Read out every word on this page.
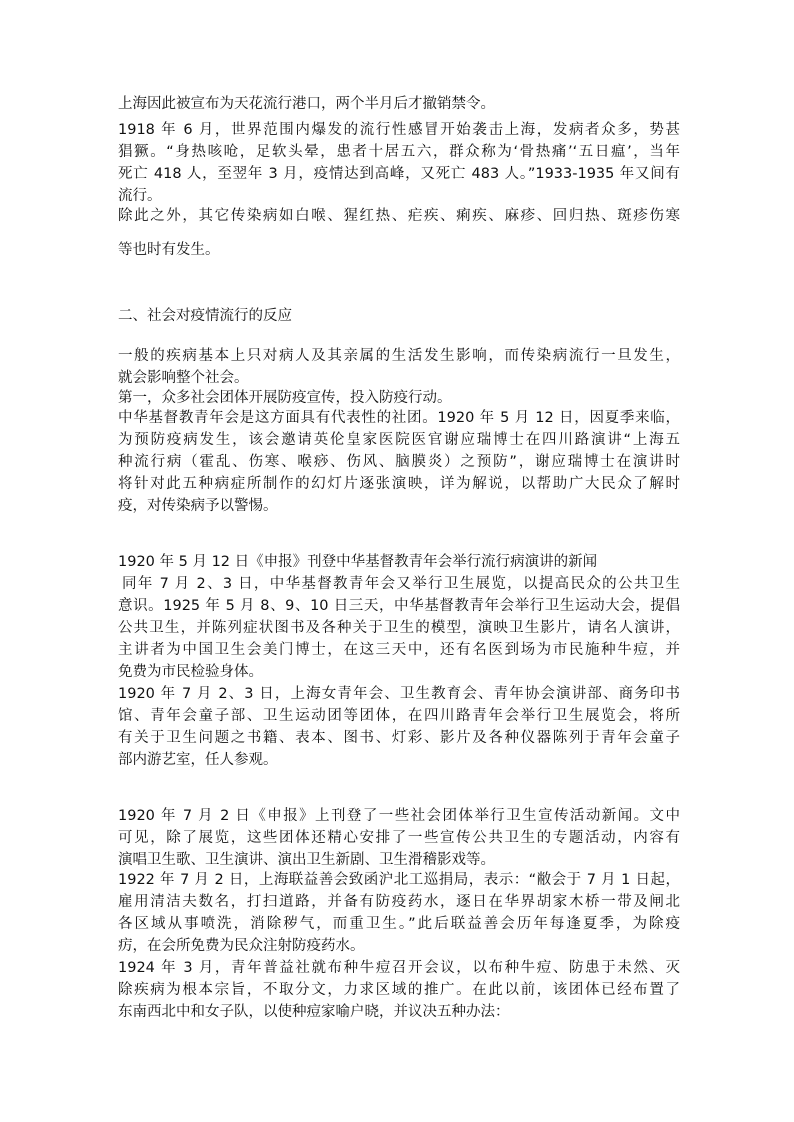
上海因此被宣布为天花流行港口，两个半月后才撤销禁令。
1918 年 6 月，世界范围内爆发的流行性感冒开始袭击上海，发病者众多，势甚
猖獗。“身热咳呛，足软头晕，患者十居五六，群众称为‘骨热痛’‘五日瘟’，当年
死亡 418 人，至翌年 3 月，疫情达到高峰，又死亡 483 人。”1933-1935 年又间有
流行。
除此之外，其它传染病如白喉、猩红热、疟疾、痢疾、麻疹、回归热、斑疹伤寒
等也时有发生。
二、社会对疫情流行的反应
一般的疾病基本上只对病人及其亲属的生活发生影响，而传染病流行一旦发生，
就会影响整个社会。
第一，众多社会团体开展防疫宣传，投入防疫行动。
中华基督教青年会是这方面具有代表性的社团。1920 年 5 月 12 日，因夏季来临，
为预防疫病发生，该会邀请英伦皇家医院医官谢应瑞博士在四川路演讲“上海五
种流行病（霍乱、伤寒、喉痧、伤风、脑膜炎）之预防”，谢应瑞博士在演讲时
将针对此五种病症所制作的幻灯片逐张演映，详为解说，以帮助广大民众了解时
疫，对传染病予以警惕。
1920 年 5 月 12 日《申报》刊登中华基督教青年会举行流行病演讲的新闻
同年 7 月 2、3 日，中华基督教青年会又举行卫生展览，以提高民众的公共卫生
意识。1925 年 5 月 8、9、10 日三天，中华基督教青年会举行卫生运动大会，提倡
公共卫生，并陈列症状图书及各种关于卫生的模型，演映卫生影片，请名人演讲，
主讲者为中国卫生会美门博士，在这三天中，还有名医到场为市民施种牛痘，并
免费为市民检验身体。
1920 年 7 月 2、3 日，上海女青年会、卫生教育会、青年协会演讲部、商务印书
馆、青年会童子部、卫生运动团等团体，在四川路青年会举行卫生展览会，将所
有关于卫生问题之书籍、表本、图书、灯彩、影片及各种仪器陈列于青年会童子
部内游艺室，任人参观。
1920 年 7 月 2 日《申报》上刊登了一些社会团体举行卫生宣传活动新闻。文中
可见，除了展览，这些团体还精心安排了一些宣传公共卫生的专题活动，内容有
演唱卫生歌、卫生演讲、演出卫生新剧、卫生滑稽影戏等。
1922 年 7 月 2 日，上海联益善会致函沪北工巡捐局，表示：“敝会于 7 月 1 日起，
雇用清洁夫数名，打扫道路，并备有防疫药水，逐日在华界胡家木桥一带及闸北
各区域从事喷洗，消除秽气，而重卫生。”此后联益善会历年每逢夏季，为除疫
疠，在会所免费为民众注射防疫药水。
1924 年 3 月，青年普益社就布种牛痘召开会议，以布种牛痘、防患于未然、灭
除疾病为根本宗旨，不取分文，力求区域的推广。在此以前，该团体已经布置了
东南西北中和女子队，以使种痘家喻户晓，并议决五种办法：
